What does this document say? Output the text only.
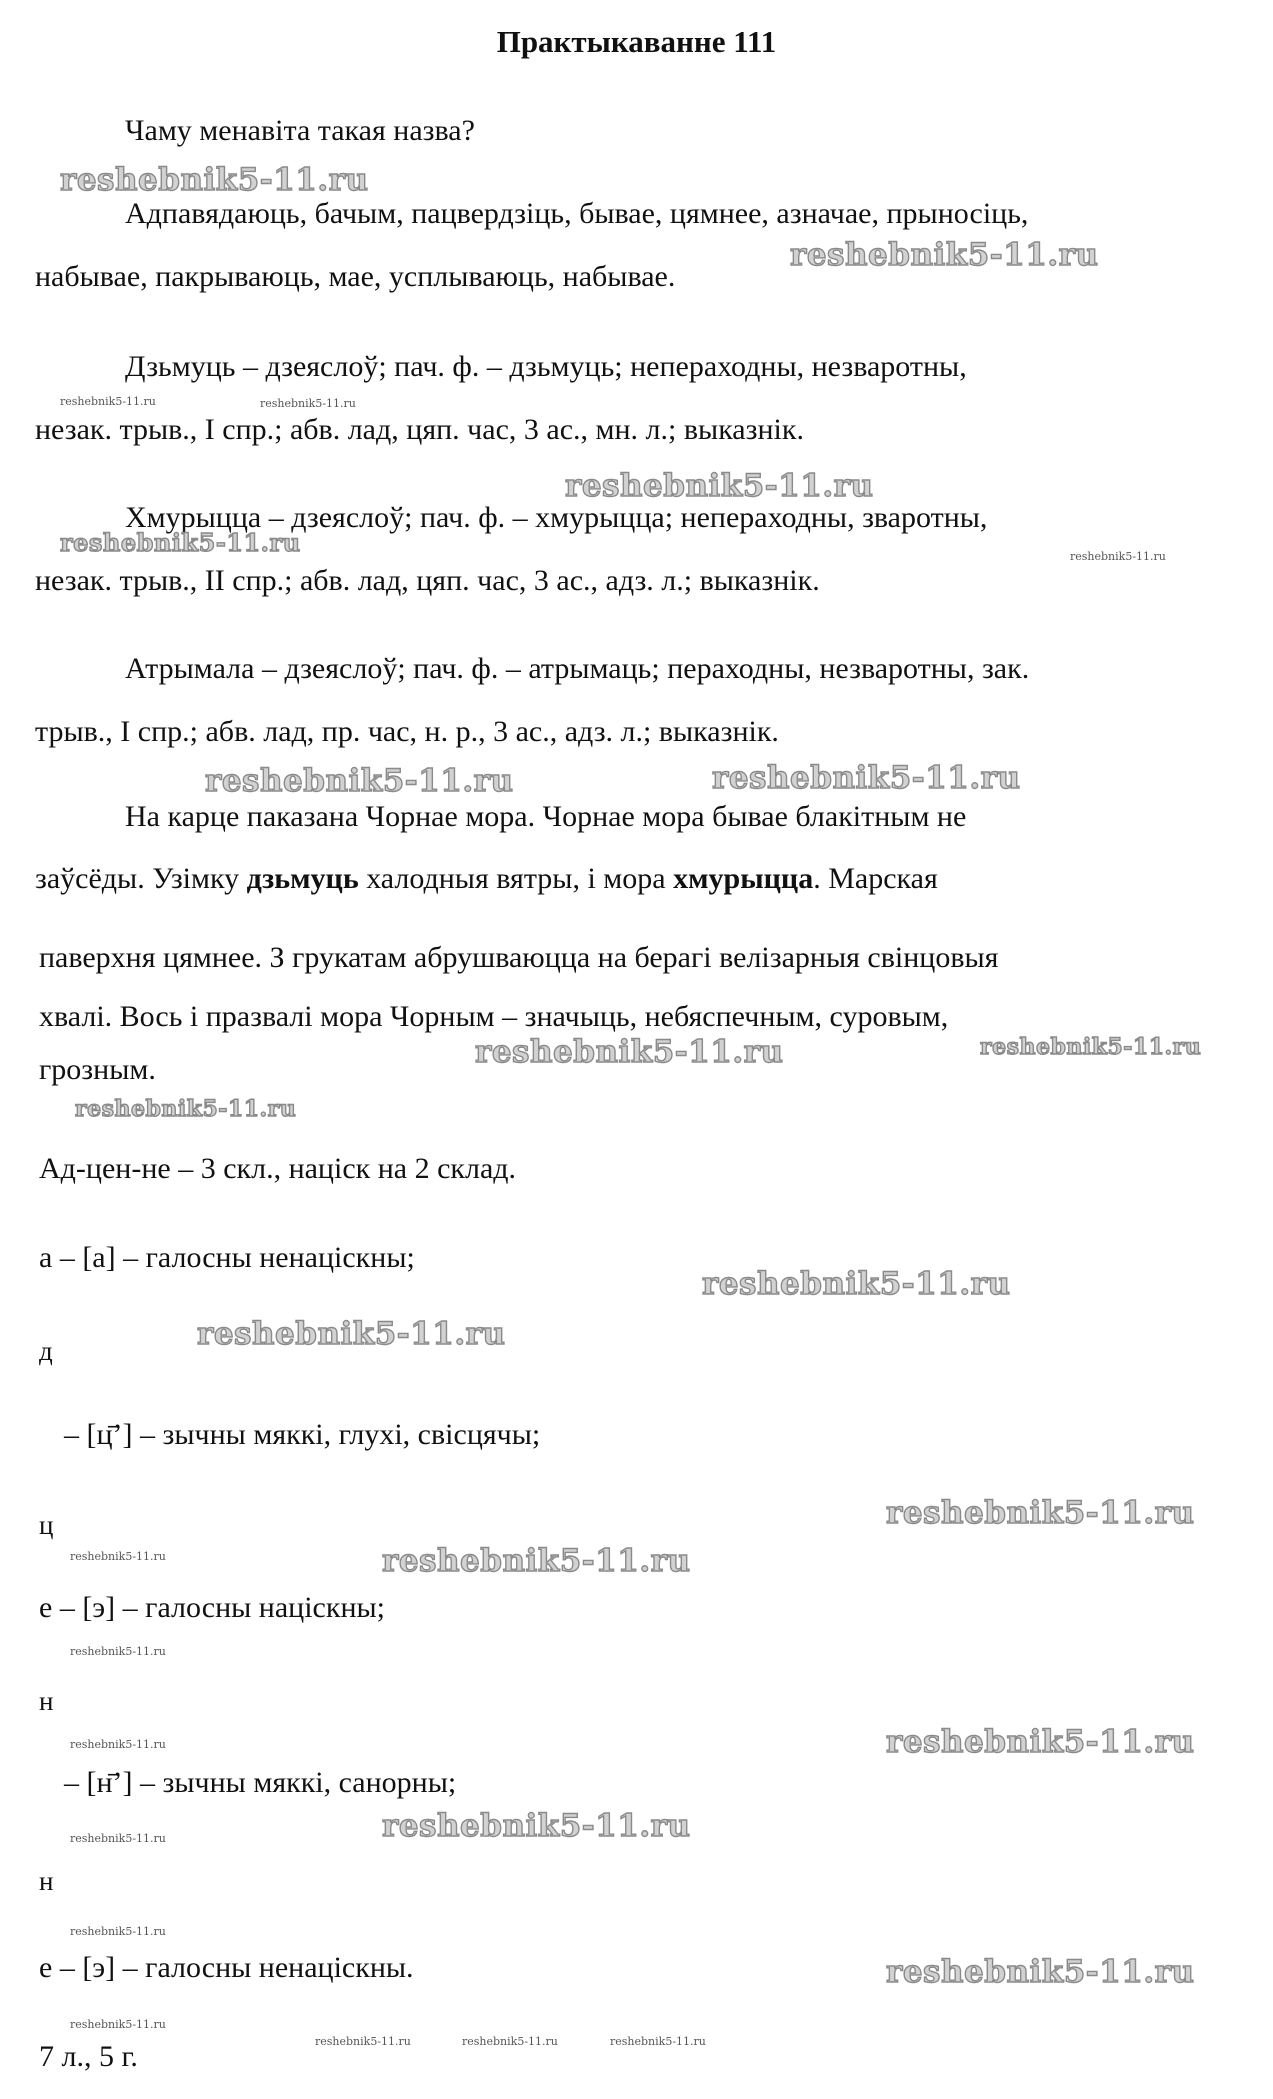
Практыкаванне 111
Чаму менавіта такая назва?
Адпавядаюць, бачым, пацвердзіць, бывае, цямнее, азначае, прыносіць,
набывае, пакрываюць, мае, усплываюць, набывае.
Дзьмуць – дзеяслоў; пач. ф. – дзьмуць; непераходны, незваротны,
незак. трыв., I спр.; абв. лад, цяп. час, 3 ас., мн. л.; выказнік.
Хмурыцца – дзеяслоў; пач. ф. – хмурыцца; непераходны, зваротны,
незак. трыв., II спр.; абв. лад, цяп. час, 3 ас., адз. л.; выказнік.
Атрымала – дзеяслоў; пач. ф. – атрымаць; пераходны, незваротны, зак.
трыв., I спр.; абв. лад, пр. час, н. р., 3 ас., адз. л.; выказнік.
На карце паказана Чорнае мора. Чорнае мора бывае блакітным не
заўсёды. Узімку дзьмуць халодныя вятры, і мора хмурыцца. Марская
паверхня цямнее. З грукатам абрушваюцца на берагі велізарныя свінцовыя
хвалі. Вось і празвалі мора Чорным – значыць, небяспечным, суровым,
грозным.
Ад-цен-не – 3 скл., націск на 2 склад.
а – [а] – галосны ненаціскны;
д
– [ц̄’] – зычны мяккі, глухі, свісцячы;
ц
е – [э] – галосны націскны;
н
– [н̄’] – зычны мяккі, санорны;
н
е – [э] – галосны ненаціскны.
7 л., 5 г.
reshebnik5-11.ru
reshebnik5-11.ru
reshebnik5-11.ru	reshebnik5-11.ru
reshebnik5-11.ru
reshebnik5-11.ru	reshebnik5-11.ru
reshebnik5-11.ru	reshebnik5-11.ru
reshebnik5-11.ru	reshebnik5-11.ru
reshebnik5-11.ru
reshebnik5-11.ru
reshebnik5-11.ru
reshebnik5-11.ru
reshebnik5-11.ru	reshebnik5-11.ru
reshebnik5-11.ru
reshebnik5-11.ru	reshebnik5-11.ru
reshebnik5-11.ru
reshebnik5-11.ru
reshebnik5-11.ru
reshebnik5-11.ru
reshebnik5-11.ru
reshebnik5-11.ru	reshebnik5-11.ru	reshebnik5-11.ru
